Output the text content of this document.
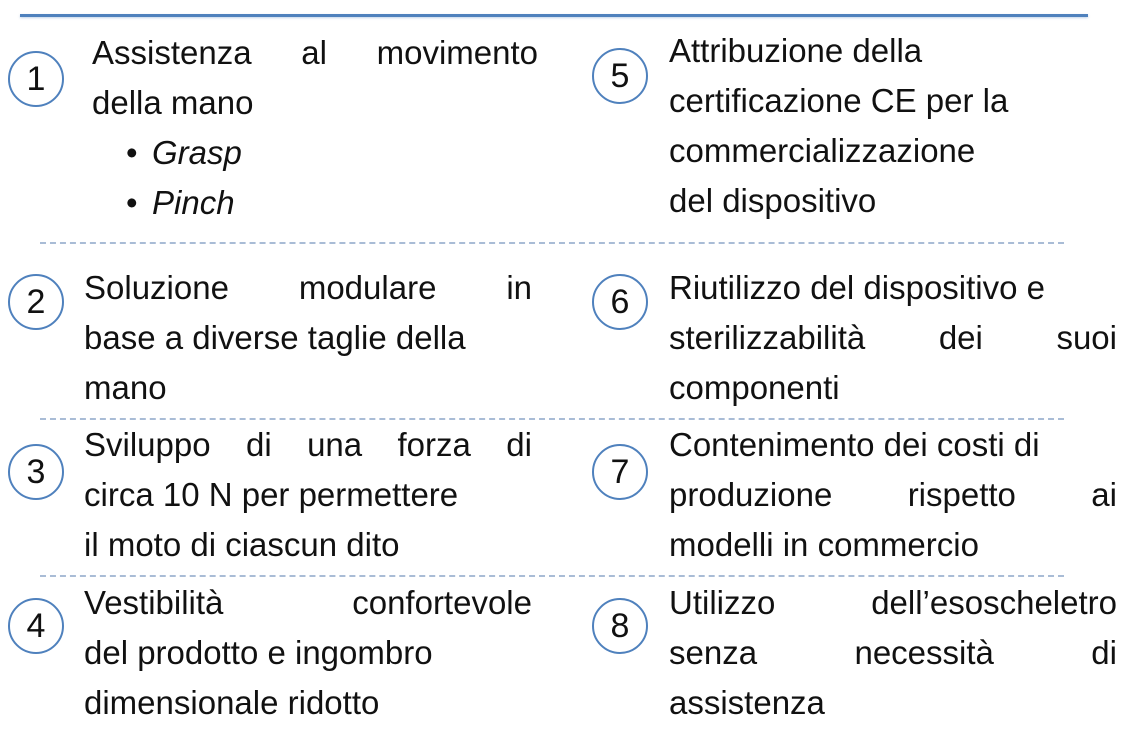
1
Assistenza al movimento
della mano
• Grasp
• Pinch
2	Soluzione modulare in
base a diverse taglie della
mano
3
Sviluppo di una forza di
circa 10 N per permettere
il moto di ciascun dito
4
Vestibilità	confortevole
del prodotto e ingombro
dimensionale ridotto
5
Attribuzione della
certificazione CE per la
commercializzazione
del dispositivo
6	Riutilizzo del dispositivo e
sterilizzabilità dei suoi
componenti
7
Contenimento dei costi di
produzione rispetto ai
modelli in commercio
8
Utilizzo	dell’esoscheletro
senza	necessità	di
assistenza
